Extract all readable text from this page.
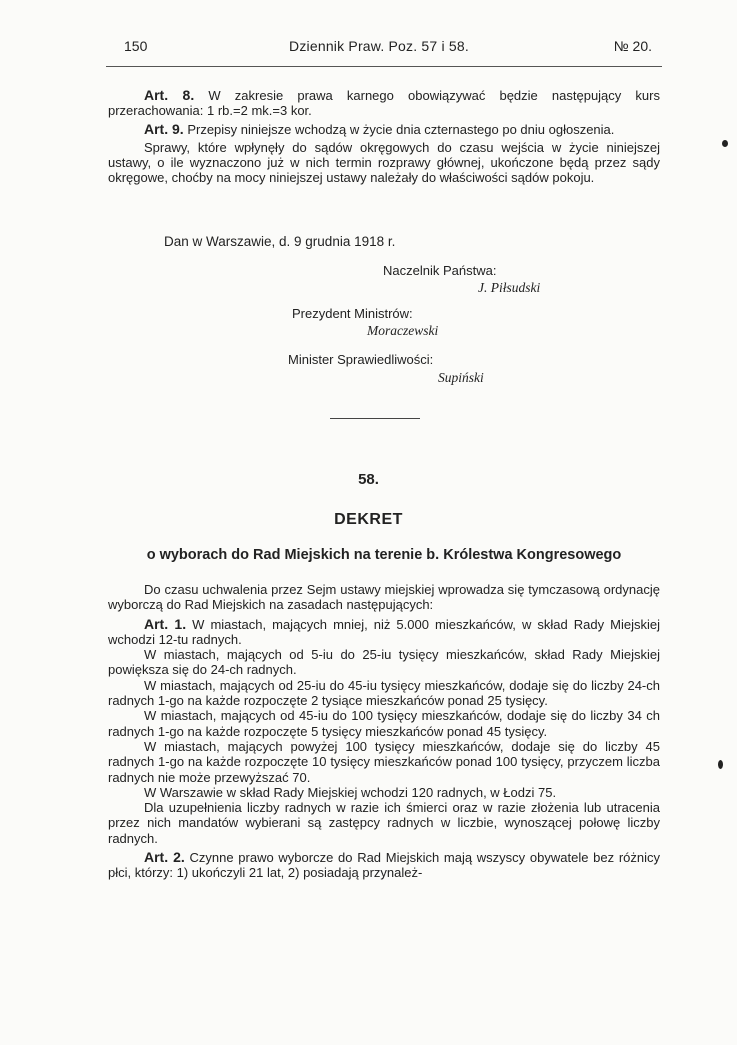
150	Dziennik Praw. Poz. 57 i 58.	№ 20.

Art. 8. W zakresie prawa karnego obowiązywać będzie następujący kurs przerachowania: 1 rb.=2 mk.=3 kor.

Art. 9. Przepisy niniejsze wchodzą w życie dnia czternastego po dniu ogłoszenia.

Sprawy, które wpłynęły do sądów okręgowych do czasu wejścia w życie niniejszej ustawy, o ile wyznaczono już w nich termin rozprawy głównej, ukończone będą przez sądy okręgowe, choćby na mocy niniejszej ustawy należały do właściwości sądów pokoju.

Dan w Warszawie, d. 9 grudnia 1918 r.
Naczelnik Państwa:
J. Piłsudski
Prezydent Ministrów:
Moraczewski
Minister Sprawiedliwości:
Supiński
58.
DEKRET
o wyborach do Rad Miejskich na terenie b. Królestwa Kongresowego

Do czasu uchwalenia przez Sejm ustawy miejskiej wprowadza się tymczasową ordynację wyborczą do Rad Miejskich na zasadach następujących:

Art. 1. W miastach, mających mniej, niż 5.000 mieszkańców, w skład Rady Miejskiej wchodzi 12-tu radnych.

W miastach, mających od 5-iu do 25-iu tysięcy mieszkańców, skład Rady Miejskiej powiększa się do 24-ch radnych.

W miastach, mających od 25-iu do 45-iu tysięcy mieszkańców, dodaje się do liczby 24-ch radnych 1-go na każde rozpoczęte 2 tysiące mieszkańców ponad 25 tysięcy.

W miastach, mających od 45-iu do 100 tysięcy mieszkańców, dodaje się do liczby 34 ch radnych 1-go na każde rozpoczęte 5 tysięcy mieszkańców ponad 45 tysięcy.

W miastach, mających powyżej 100 tysięcy mieszkańców, dodaje się do liczby 45 radnych 1-go na każde rozpoczęte 10 tysięcy mieszkańców ponad 100 tysięcy, przyczem liczba radnych nie może przewyższać 70.

W Warszawie w skład Rady Miejskiej wchodzi 120 radnych, w Łodzi 75.

Dla uzupełnienia liczby radnych w razie ich śmierci oraz w razie złożenia lub utracenia przez nich mandatów wybierani są zastępcy radnych w liczbie, wynoszącej połowę liczby radnych.

Art. 2. Czynne prawo wyborcze do Rad Miejskich mają wszyscy obywatele bez różnicy płci, którzy: 1) ukończyli 21 lat, 2) posiadają przynależ-
